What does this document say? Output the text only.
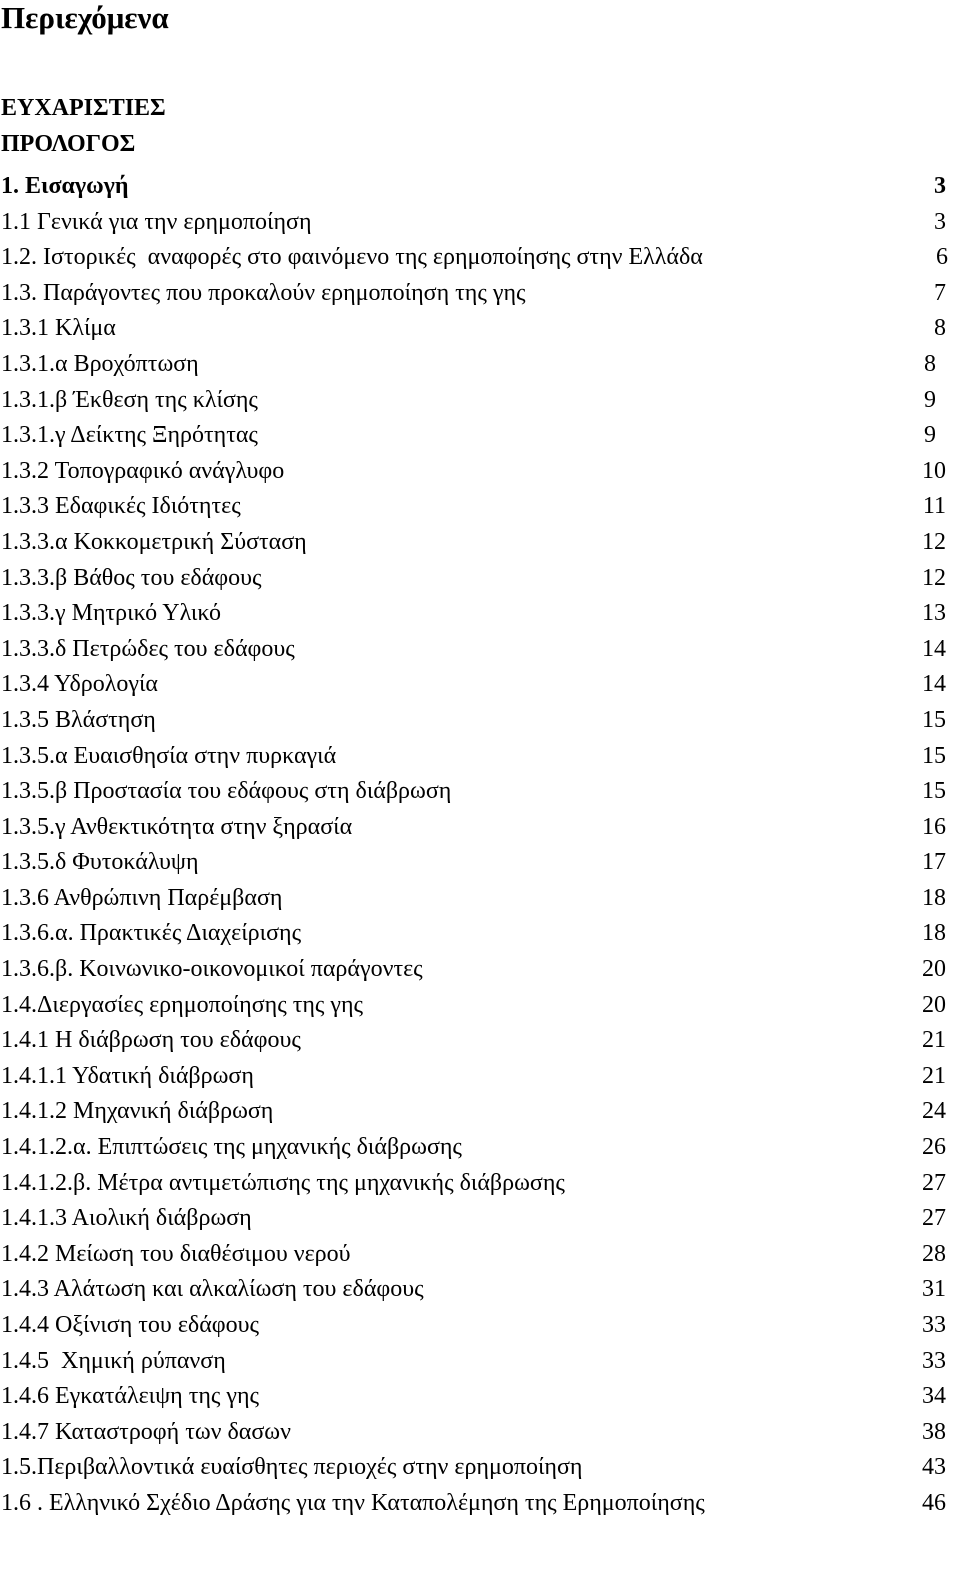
Περιεχόμενα
ΕΥΧΑΡΙΣΤΙΕΣ
ΠΡΟΛΟΓΟΣ
1. Εισαγωγή	3
1.1 Γενικά για την ερημοποίηση	3
1.2. Ιστορικές  αναφορές στο φαινόμενο της ερημοποίησης στην Ελλάδα	6
1.3. Παράγοντες που προκαλούν ερημοποίηση της γης	7
1.3.1 Κλίμα	8
1.3.1.α Βροχόπτωση	8
1.3.1.β Έκθεση της κλίσης	9
1.3.1.γ Δείκτης Ξηρότητας	9
1.3.2 Τοπογραφικό ανάγλυφο	10
1.3.3 Εδαφικές Ιδιότητες	11
1.3.3.α Κοκκομετρική Σύσταση	12
1.3.3.β Βάθος του εδάφους	12
1.3.3.γ Μητρικό Υλικό	13
1.3.3.δ Πετρώδες του εδάφους	14
1.3.4 Υδρολογία	14
1.3.5 Βλάστηση	15
1.3.5.α Ευαισθησία στην πυρκαγιά	15
1.3.5.β Προστασία του εδάφους στη διάβρωση	15
1.3.5.γ Ανθεκτικότητα στην ξηρασία	16
1.3.5.δ Φυτοκάλυψη	17
1.3.6 Ανθρώπινη Παρέμβαση	18
1.3.6.α. Πρακτικές Διαχείρισης	18
1.3.6.β. Κοινωνικο-οικονομικοί παράγοντες	20
1.4.Διεργασίες ερημοποίησης της γης	20
1.4.1 Η διάβρωση του εδάφους	21
1.4.1.1 Υδατική διάβρωση	21
1.4.1.2 Μηχανική διάβρωση	24
1.4.1.2.α. Επιπτώσεις της μηχανικής διάβρωσης	26
1.4.1.2.β. Μέτρα αντιμετώπισης της μηχανικής διάβρωσης	27
1.4.1.3 Αιολική διάβρωση	27
1.4.2 Μείωση του διαθέσιμου νερού	28
1.4.3 Αλάτωση και αλκαλίωση του εδάφους	31
1.4.4 Οξίνιση του εδάφους	33
1.4.5  Χημική ρύπανση	33
1.4.6 Εγκατάλειψη της γης	34
1.4.7 Καταστροφή των δασων	38
1.5.Περιβαλλοντικά ευαίσθητες περιοχές στην ερημοποίηση	43
1.6 . Ελληνικό Σχέδιο Δράσης για την Καταπολέμηση της Ερημοποίησης	46
